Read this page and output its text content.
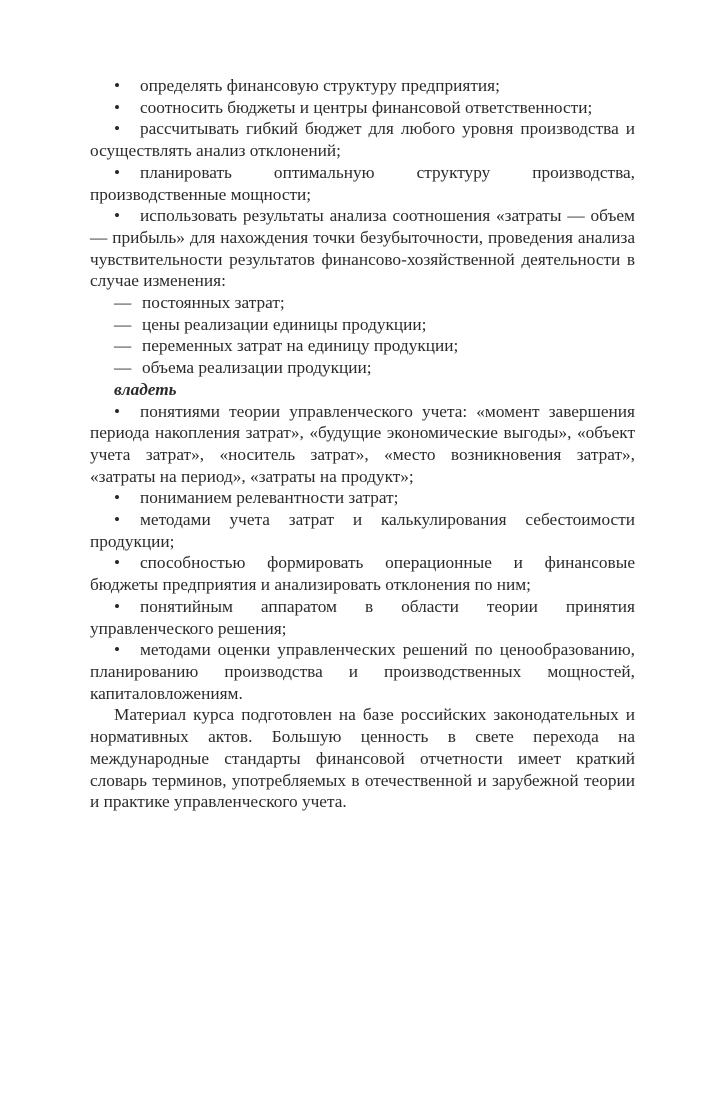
• определять финансовую структуру предприятия;

• соотносить бюджеты и центры финансовой ответственности;

• рассчитывать гибкий бюджет для любого уровня производства и осуществлять анализ отклонений;

• планировать оптимальную структуру производства, производственные мощности;

• использовать результаты анализа соотношения «затраты — объем — прибыль» для нахождения точки безубыточности, проведения анализа чувствительности результатов финансово-хозяйственной деятельности в случае изменения:

— постоянных затрат;

— цены реализации единицы продукции;

— переменных затрат на единицу продукции;

— объема реализации продукции;

владеть

• понятиями теории управленческого учета: «момент завершения периода накопления затрат», «будущие экономические выгоды», «объект учета затрат», «носитель затрат», «место возникновения затрат», «затраты на период», «затраты на продукт»;

• пониманием релевантности затрат;

• методами учета затрат и калькулирования себестоимости продукции;

• способностью формировать операционные и финансовые бюджеты предприятия и анализировать отклонения по ним;

• понятийным аппаратом в области теории принятия управленческого решения;

• методами оценки управленческих решений по ценообразованию, планированию производства и производственных мощностей, капиталовложениям.

Материал курса подготовлен на базе российских законодательных и нормативных актов. Большую ценность в свете перехода на международные стандарты финансовой отчетности имеет краткий словарь терминов, употребляемых в отечественной и зарубежной теории и практике управленческого учета.
